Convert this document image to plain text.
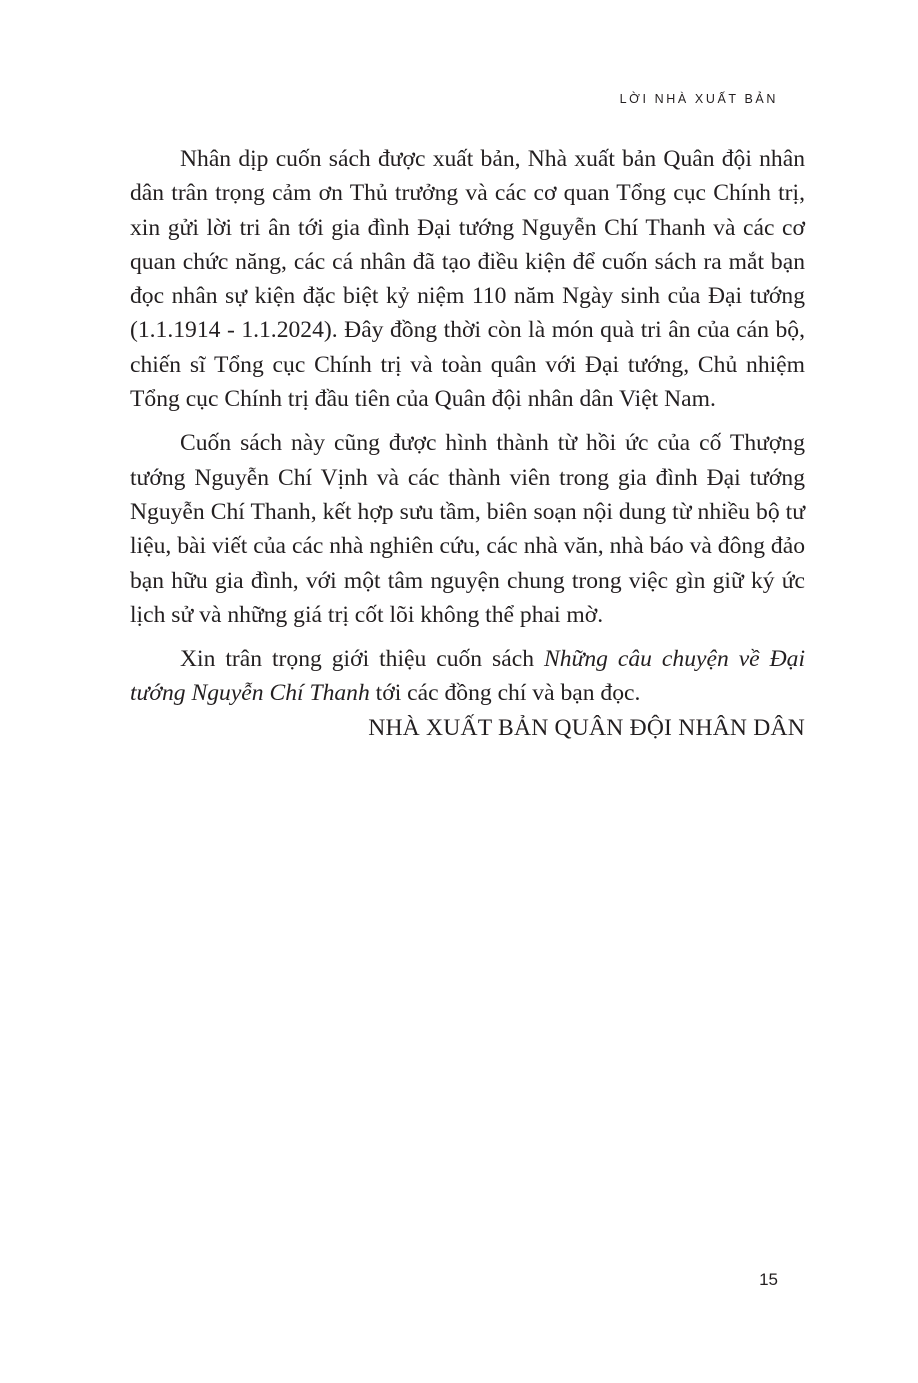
LỜI NHÀ XUẤT BẢN

Nhân dịp cuốn sách được xuất bản, Nhà xuất bản Quân đội nhân dân trân trọng cảm ơn Thủ trưởng và các cơ quan Tổng cục Chính trị, xin gửi lời tri ân tới gia đình Đại tướng Nguyễn Chí Thanh và các cơ quan chức năng, các cá nhân đã tạo điều kiện để cuốn sách ra mắt bạn đọc nhân sự kiện đặc biệt kỷ niệm 110 năm Ngày sinh của Đại tướng (1.1.1914 - 1.1.2024). Đây đồng thời còn là món quà tri ân của cán bộ, chiến sĩ Tổng cục Chính trị và toàn quân với Đại tướng, Chủ nhiệm Tổng cục Chính trị đầu tiên của Quân đội nhân dân Việt Nam.

Cuốn sách này cũng được hình thành từ hồi ức của cố Thượng tướng Nguyễn Chí Vịnh và các thành viên trong gia đình Đại tướng Nguyễn Chí Thanh, kết hợp sưu tầm, biên soạn nội dung từ nhiều bộ tư liệu, bài viết của các nhà nghiên cứu, các nhà văn, nhà báo và đông đảo bạn hữu gia đình, với một tâm nguyện chung trong việc gìn giữ ký ức lịch sử và những giá trị cốt lõi không thể phai mờ.

Xin trân trọng giới thiệu cuốn sách Những câu chuyện về Đại tướng Nguyễn Chí Thanh tới các đồng chí và bạn đọc.

NHÀ XUẤT BẢN QUÂN ĐỘI NHÂN DÂN

15
